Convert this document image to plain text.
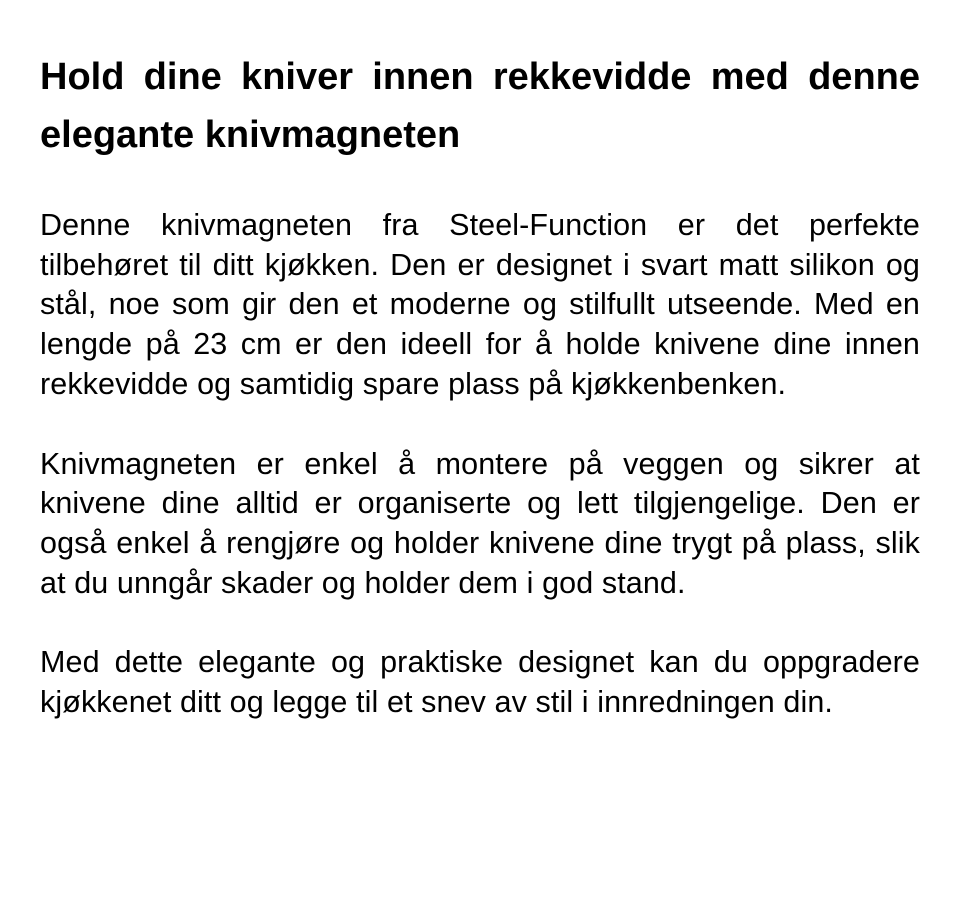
Hold dine kniver innen rekkevidde med denne elegante knivmagneten

Denne knivmagneten fra Steel-Function er det perfekte tilbehøret til ditt kjøkken. Den er designet i svart matt silikon og stål, noe som gir den et moderne og stilfullt utseende. Med en lengde på 23 cm er den ideell for å holde knivene dine innen rekkevidde og samtidig spare plass på kjøkkenbenken.

Knivmagneten er enkel å montere på veggen og sikrer at knivene dine alltid er organiserte og lett tilgjengelige. Den er også enkel å rengjøre og holder knivene dine trygt på plass, slik at du unngår skader og holder dem i god stand.

Med dette elegante og praktiske designet kan du oppgradere kjøkkenet ditt og legge til et snev av stil i innredningen din.
